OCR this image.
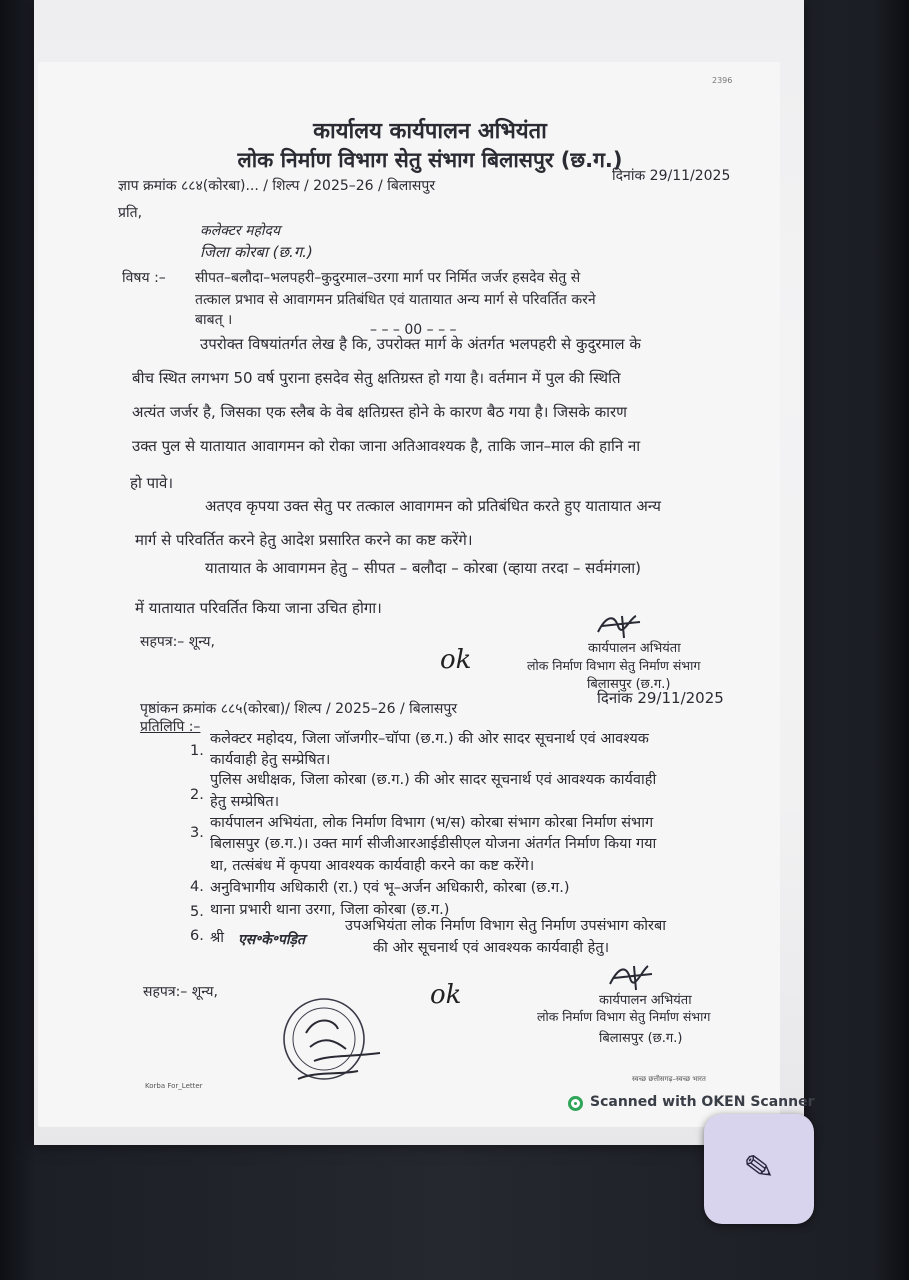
2396
कार्यालय कार्यपालन अभियंता
लोक निर्माण विभाग सेतु संभाग बिलासपुर (छ.ग.)
ज्ञाप क्रमांक ८८४(कोरबा)... / शिल्प / 2025–26 / बिलासपुर
दिनांक 29/11/2025
प्रति,
कलेक्टर महोदय
जिला कोरबा (छ.ग.)
विषय :– सीपत–बलौदा–भलपहरी–कुदुरमाल–उरगा मार्ग पर निर्मित जर्जर हसदेव सेतु से
तत्काल प्रभाव से आवागमन प्रतिबंधित एवं यातायात अन्य मार्ग से परिवर्तित करने
बाबत् ।
– – – 00 – – –
उपरोक्त विषयांतर्गत लेख है कि, उपरोक्त मार्ग के अंतर्गत भलपहरी से कुदुरमाल के
बीच स्थित लगभग 50 वर्ष पुराना हसदेव सेतु क्षतिग्रस्त हो गया है। वर्तमान में पुल की स्थिति
अत्यंत जर्जर है, जिसका एक स्लैब के वेब क्षतिग्रस्त होने के कारण बैठ गया है। जिसके कारण
उक्त पुल से यातायात आवागमन को रोका जाना अतिआवश्यक है, ताकि जान–माल की हानि ना
हो पावे।
अतएव कृपया उक्त सेतु पर तत्काल आवागमन को प्रतिबंधित करते हुए यातायात अन्य
मार्ग से परिवर्तित करने हेतु आदेश प्रसारित करने का कष्ट करेंगे।
यातायात के आवागमन हेतु – सीपत – बलौदा – कोरबा (व्हाया तरदा – सर्वमंगला)
में यातायात परिवर्तित किया जाना उचित होगा।
सहपत्र:– शून्य,
ok	कार्यपालन अभियंता
लोक निर्माण विभाग सेतु निर्माण संभाग
बिलासपुर (छ.ग.)
पृष्ठांकन क्रमांक ८८५(कोरबा)/ शिल्प / 2025–26 / बिलासपुर
दिनांक 29/11/2025
प्रतिलिपि :–
1.
कलेक्टर महोदय, जिला जॉजगीर–चॉपा (छ.ग.) की ओर सादर सूचनार्थ एवं आवश्यक
कार्यवाही हेतु सम्प्रेषित।
2.
पुलिस अधीक्षक, जिला कोरबा (छ.ग.) की ओर सादर सूचनार्थ एवं आवश्यक कार्यवाही
हेतु सम्प्रेषित।
3.
कार्यपालन अभियंता, लोक निर्माण विभाग (भ/स) कोरबा संभाग कोरबा निर्माण संभाग
बिलासपुर (छ.ग.)। उक्त मार्ग सीजीआरआईडीसीएल योजना अंतर्गत निर्माण किया गया
था, तत्संबंध में कृपया आवश्यक कार्यवाही करने का कष्ट करेंगे।
4. अनुविभागीय अधिकारी (रा.) एवं भू–अर्जन अधिकारी, कोरबा (छ.ग.)
5. थाना प्रभारी थाना उरगा, जिला कोरबा (छ.ग.)
6. श्री एस॰के॰पड़ित
उपअभियंता लोक निर्माण विभाग सेतु निर्माण उपसंभाग कोरबा
की ओर सूचनार्थ एवं आवश्यक कार्यवाही हेतु।
सहपत्र:– शून्य,	ok	कार्यपालन अभियंता
लोक निर्माण विभाग सेतु निर्माण संभाग
बिलासपुर (छ.ग.)
Korba For_Letter
स्वच्छ छत्तीसगढ़–स्वच्छ भारत
Scanned with OKEN Scanner
✎
